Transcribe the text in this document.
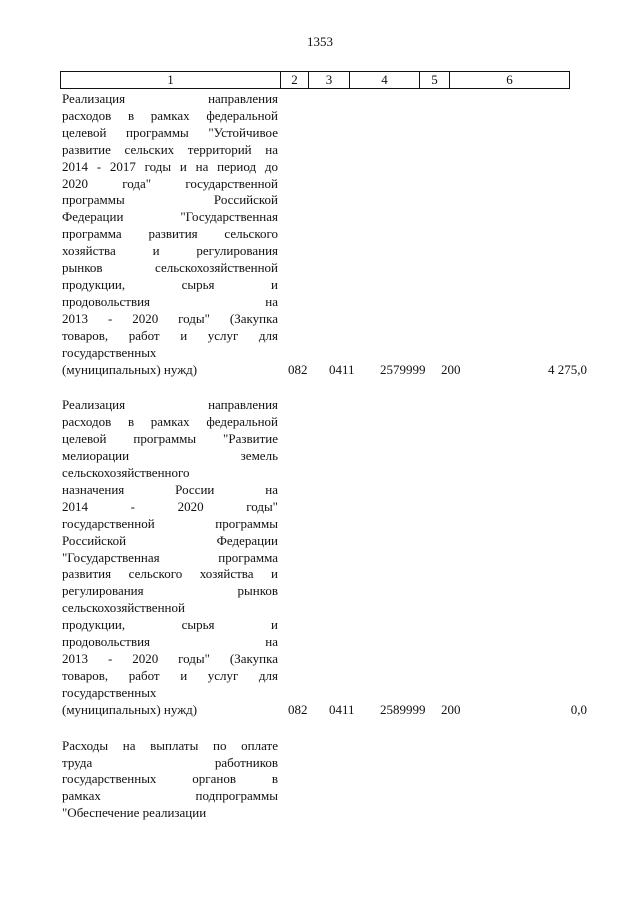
1353
1	2	3	4	5	6
Реализация направления
расходов в рамках федеральной
целевой программы "Устойчивое
развитие сельских территорий на
2014 - 2017 годы и на период до
2020 года" государственной
программы Российской
Федерации "Государственная
программа развития сельского
хозяйства и регулирования
рынков сельскохозяйственной
продукции, сырья и
продовольствия на
2013 - 2020 годы" (Закупка
товаров, работ и услуг для
государственных
(муниципальных) нужд)	082 0411 2579999 200	4 275,0
Реализация направления
расходов в рамках федеральной
целевой программы "Развитие
мелиорации земель
сельскохозяйственного
назначения России на
2014 - 2020 годы"
государственной программы
Российской Федерации
"Государственная программа
развития сельского хозяйства и
регулирования рынков
сельскохозяйственной
продукции, сырья и
продовольствия на
2013 - 2020 годы" (Закупка
товаров, работ и услуг для
государственных
(муниципальных) нужд)	082 0411 2589999 200	0,0
Расходы на выплаты по оплате
труда работников
государственных органов в
рамках подпрограммы
"Обеспечение реализации
